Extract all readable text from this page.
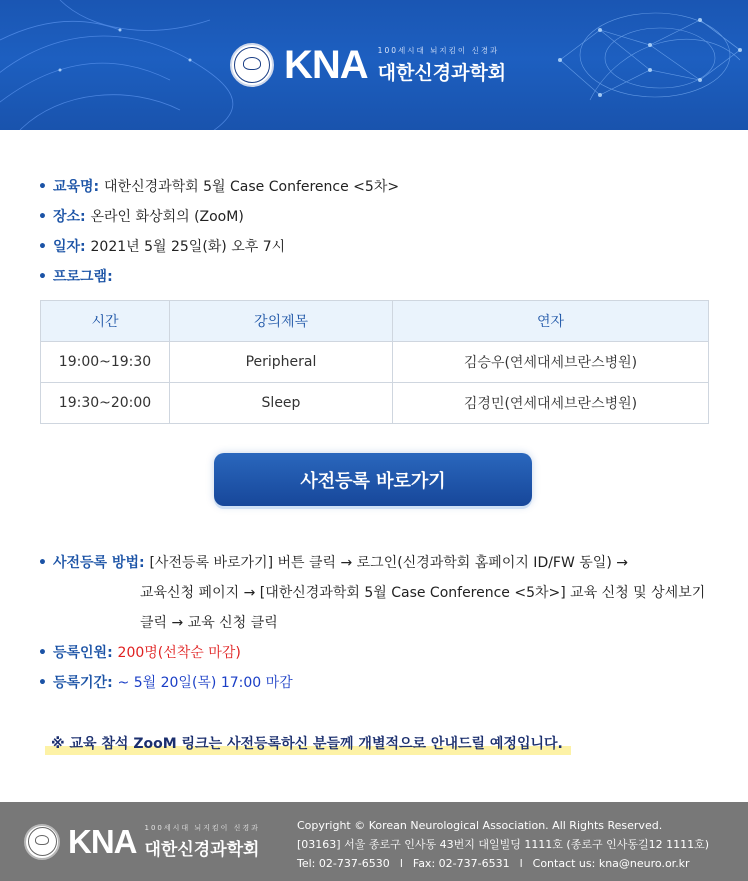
KNA 100세시대 뇌지킴이 신경과
대한신경과학회
• 교육명: 대한신경과학회 5월 Case Conference <5차>
• 장소: 온라인 화상회의 (ZooM)
• 일자: 2021년 5월 25일(화) 오후 7시
• 프로그램:
시간	강의제목	연자
19:00~19:30	Peripheral	김승우(연세대세브란스병원)
19:30~20:00	Sleep	김경민(연세대세브란스병원)
사전등록 바로가기
• 사전등록 방법: [사전등록 바로가기] 버튼 클릭 → 로그인(신경과학회 홈페이지 ID/FW 동일) →
교육신청 페이지 → [대한신경과학회 5월 Case Conference <5차>] 교육 신청 및 상세보기
클릭 → 교육 신청 클릭
• 등록인원: 200명(선착순 마감)
• 등록기간: ~ 5월 20일(목) 17:00 마감
※ 교육 참석 ZooM 링크는 사전등록하신 분들께 개별적으로 안내드릴 예정입니다.
KNA 100세시대 뇌지킴이 신경과
대한신경과학회
Copyright © Korean Neurological Association. All Rights Reserved.
[03163] 서울 종로구 인사동 43번지 대일빌딩 1111호 (종로구 인사동길12 1111호)
Tel: 02-737-6530 l Fax: 02-737-6531 l Contact us: kna@neuro.or.kr
